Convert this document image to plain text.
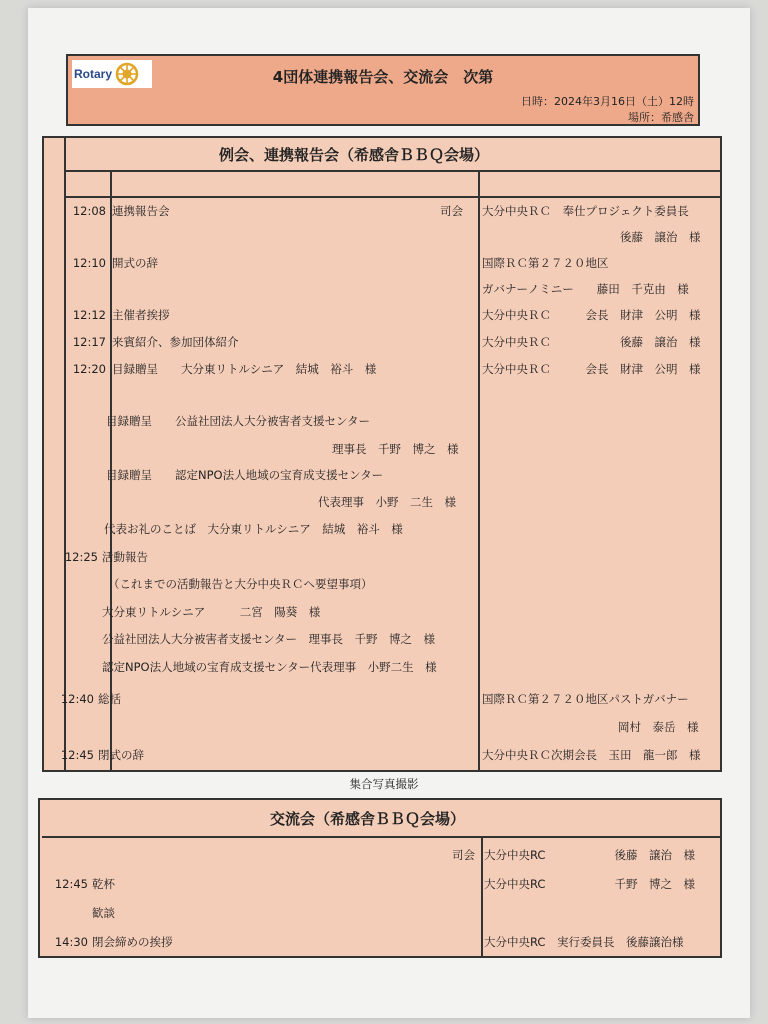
Rotary	4団体連携報告会、交流会　次第
日時：2024年3月16日（土）12時
場所：希感舎
例会、連携報告会（希感舎ＢＢＱ会場）
12:08 連携報告会	司会 大分中央ＲＣ　奉仕プロジェクト委員長
後藤　譲治　様
12:10 開式の辞	国際ＲＣ第２７２０地区
ガバナーノミニー　　藤田　千克由　様
12:12 主催者挨拶	大分中央ＲＣ　　　会長　財津　公明　様
12:17 来賓紹介、参加団体紹介	大分中央ＲＣ　　　　　　後藤　譲治　様
12:20 目録贈呈　　大分東リトルシニア　結城　裕斗　様	大分中央ＲＣ　　　会長　財津　公明　様
目録贈呈　　公益社団法人大分被害者支援センター
理事長　千野　博之　様
目録贈呈　　認定NPO法人地域の宝育成支援センター
代表理事　小野　二生　様
代表お礼のことば　大分東リトルシニア　結城　裕斗　様
12:25 活動報告
（これまでの活動報告と大分中央ＲＣへ要望事項）
大分東リトルシニア　　　二宮　陽葵　様
公益社団法人大分被害者支援センター　理事長　千野　博之　様
認定NPO法人地域の宝育成支援センター代表理事　小野二生　様
12:40 総括	国際ＲＣ第２７２０地区パストガバナー
岡村　泰岳　様
12:45 閉式の辞	大分中央ＲＣ次期会長　玉田　龍一郎　様
集合写真撮影
交流会（希感舎ＢＢＱ会場）
司会 大分中央RC　　　　　　後藤　譲治　様
12:45 乾杯	大分中央RC　　　　　　千野　博之　様
歓談
14:30 閉会締めの挨拶	大分中央RC　実行委員長　後藤譲治様
